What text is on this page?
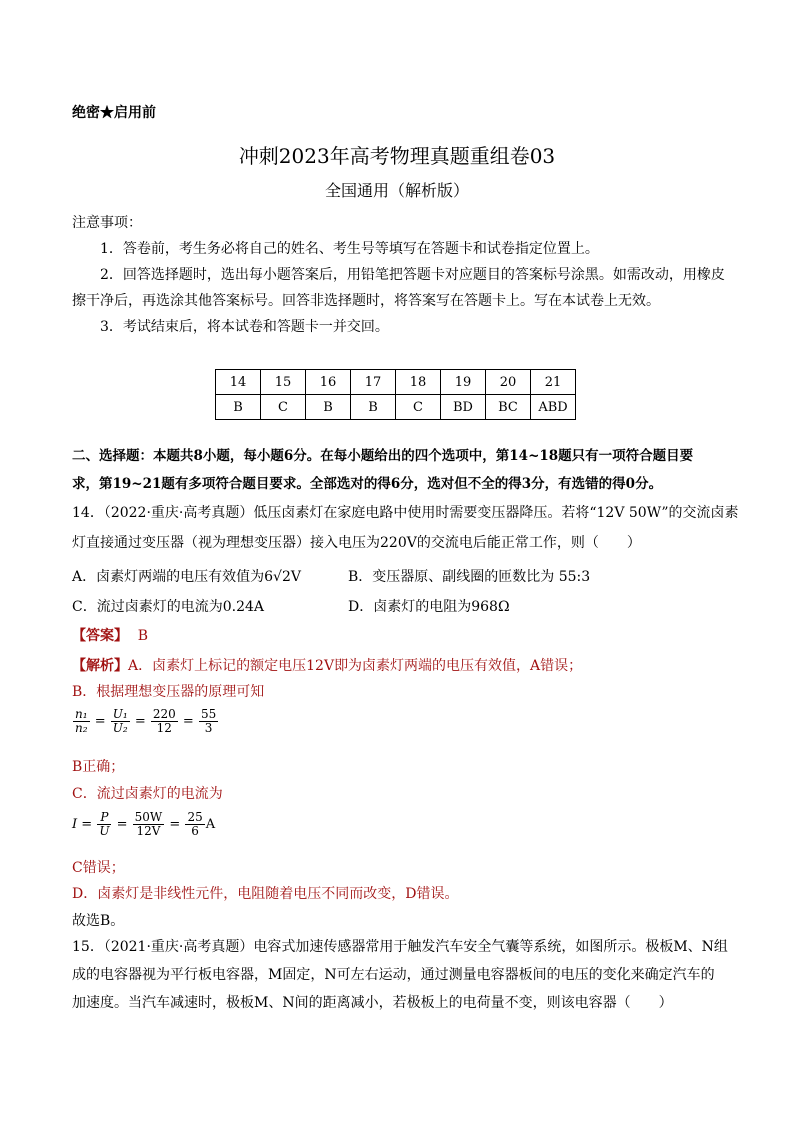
绝密★启用前
冲刺2023年高考物理真题重组卷03
全国通用（解析版）
注意事项：
1．答卷前，考生务必将自己的姓名、考生号等填写在答题卡和试卷指定位置上。
2．回答选择题时，选出每小题答案后，用铅笔把答题卡对应题目的答案标号涂黑。如需改动，用橡皮
擦干净后，再选涂其他答案标号。回答非选择题时，将答案写在答题卡上。写在本试卷上无效。
3．考试结束后，将本试卷和答题卡一并交回。
14	15	16	17	18	19	20	21
B	C	B	B	C	BD	BC	ABD
二、选择题：本题共8小题，每小题6分。在每小题给出的四个选项中，第14~18题只有一项符合题目要
求，第19~21题有多项符合题目要求。全部选对的得6分，选对但不全的得3分，有选错的得0分。
14．（2022·重庆·高考真题）低压卤素灯在家庭电路中使用时需要变压器降压。若将“12V 50W”的交流卤素
灯直接通过变压器（视为理想变压器）接入电压为220V的交流电后能正常工作，则（　　）
A．卤素灯两端的电压有效值为6√2V	B．变压器原、副线圈的匝数比为 55:3
C．流过卤素灯的电流为0.24A	D．卤素灯的电阻为968Ω
【答案】 B
【解析】A．卤素灯上标记的额定电压12V即为卤素灯两端的电压有效值，A错误；
B．根据理想变压器的原理可知
$\frac{\text{n₁}}{\text{n₂}} = \frac{\text{U₁}}{\text{U₂}} = \frac{220}{12} = \frac{55}{3}$
B正确；
C．流过卤素灯的电流为
$I = \frac{P}{U} = \frac{50W}{12V} = \frac{25}{6}$ A
C错误；
D．卤素灯是非线性元件，电阻随着电压不同而改变，D错误。
故选B。
15．（2021·重庆·高考真题）电容式加速传感器常用于触发汽车安全气囊等系统，如图所示。极板M、N组
成的电容器视为平行板电容器，M固定，N可左右运动，通过测量电容器板间的电压的变化来确定汽车的
加速度。当汽车减速时，极板M、N间的距离减小，若极板上的电荷量不变，则该电容器（　　）
